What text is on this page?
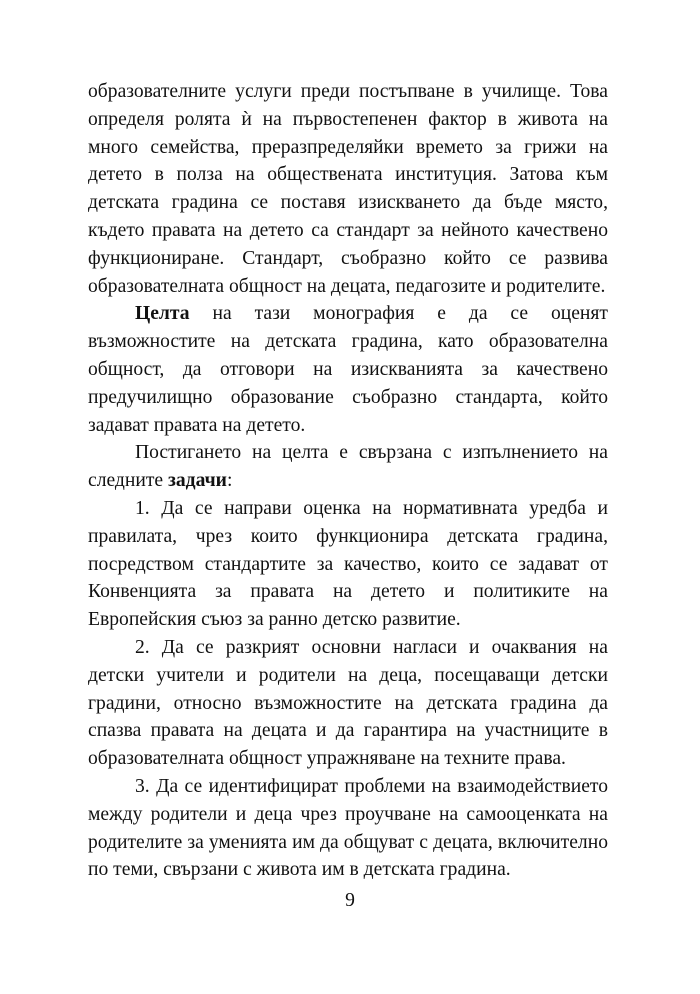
образователните услуги преди постъпване в училище. Това определя ролята ѝ на първостепенен фактор в живота на много семейства, преразпределяйки времето за грижи на детето в полза на обществената институция. Затова към детската градина се поставя изискването да бъде място, където правата на детето са стандарт за нейното качествено функциониране. Стандарт, съобразно който се развива образователната общност на децата, педагозите и родителите.

Целта на тази монография е да се оценят възможностите на детската градина, като образователна общност, да отговори на изискванията за качествено предучилищно образование съобразно стандарта, който задават правата на детето.

Постигането на целта е свързана с изпълнението на следните задачи:

1. Да се направи оценка на нормативната уредба и правилата, чрез които функционира детската градина, посредством стандартите за качество, които се задават от Конвенцията за правата на детето и политиките на Европейския съюз за ранно детско развитие.

2. Да се разкрият основни нагласи и очаквания на детски учители и родители на деца, посещаващи детски градини, относно възможностите на детската градина да спазва правата на децата и да гарантира на участниците в образователната общност упражняване на техните права.

3. Да се идентифицират проблеми на взаимодействието между родители и деца чрез проучване на самооценката на родителите за уменията им да общуват с децата, включително по теми, свързани с живота им в детската градина.

9
